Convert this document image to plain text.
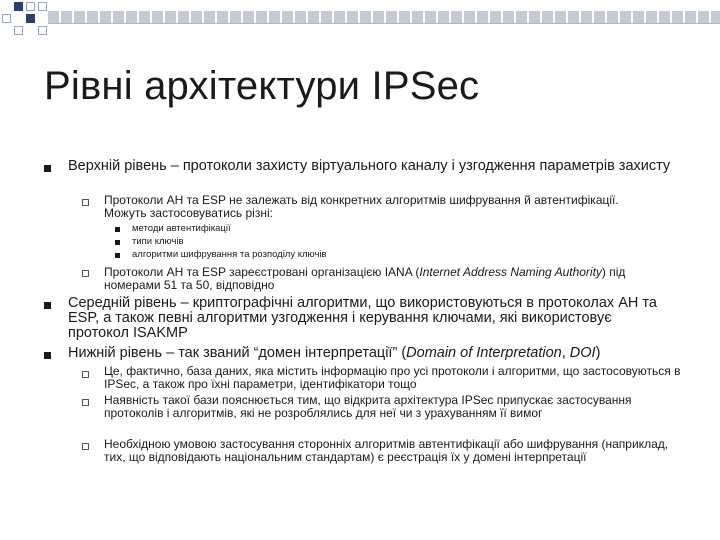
Рівні архітектури IPSec
Верхній рівень – протоколи захисту віртуального каналу і узгодження параметрів захисту
Протоколи AH та ESP не залежать від конкретних алгоритмів шифрування й автентифікації. Можуть застосовуватись різні:
методи автентифікації
типи ключів
алгоритми шифрування та розподілу ключів
Протоколи AH та ESP зареєстровані організацією IANA (Internet Address Naming Authority) під номерами 51 та 50, відповідно
Середній рівень – криптографічні алгоритми, що використовуються в протоколах AH та ESP, а також певні алгоритми узгодження і керування ключами, які використовує протокол ISAKMP
Нижній рівень – так званий “домен інтерпретації” (Domain of Interpretation, DOI)
Це, фактично, база даних, яка містить інформацію про усі протоколи і алгоритми, що застосовуються в IPSec, а також про їхні параметри, ідентифікатори тощо
Наявність такої бази пояснюється тим, що відкрита архітектура IPSec припускає застосування протоколів і алгоритмів, які не розроблялись для неї чи з урахуванням її вимог
Необхідною умовою застосування сторонніх алгоритмів автентифікації або шифрування (наприклад, тих, що відповідають національним стандартам) є реєстрація їх у домені інтерпретації
